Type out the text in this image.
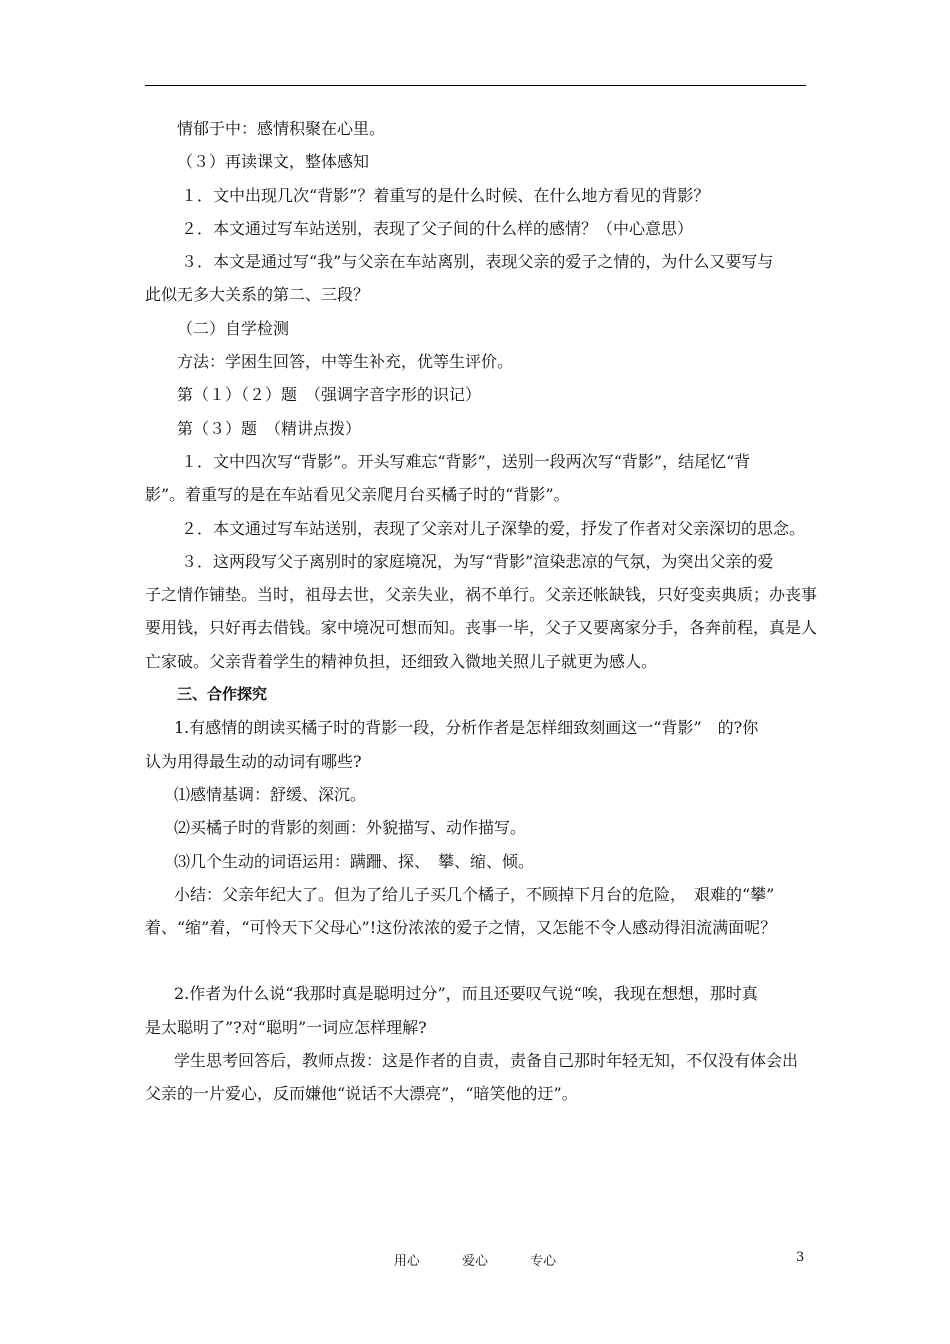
情郁于中：感情积聚在心里。
（３）再读课文，整体感知
１．文中出现几次“背影”？着重写的是什么时候、在什么地方看见的背影？
２．本文通过写车站送别，表现了父子间的什么样的感情？（中心意思）
３．本文是通过写“我”与父亲在车站离别，表现父亲的爱子之情的，为什么又要写与
此似无多大关系的第二、三段？
（二）自学检测
方法：学困生回答，中等生补充，优等生评价。
第（１）（２）题　（强调字音字形的识记）
第（３）题　（精讲点拨）
１．文中四次写“背影”。开头写难忘“背影”，送别一段两次写“背影”，结尾忆“背
影”。着重写的是在车站看见父亲爬月台买橘子时的“背影”。
２．本文通过写车站送别，表现了父亲对儿子深挚的爱，抒发了作者对父亲深切的思念。
３．这两段写父子离别时的家庭境况，为写“背影”渲染悲凉的气氛，为突出父亲的爱
子之情作铺垫。当时，祖母去世，父亲失业，祸不单行。父亲还帐缺钱，只好变卖典质；办丧事
要用钱，只好再去借钱。家中境况可想而知。丧事一毕，父子又要离家分手，各奔前程，真是人
亡家破。父亲背着学生的精神负担，还细致入微地关照儿子就更为感人。
三、合作探究
1.有感情的朗读买橘子时的背影一段，分析作者是怎样细致刻画这一“背影”　的?你
认为用得最生动的动词有哪些?
⑴感情基调：舒缓、深沉。
⑵买橘子时的背影的刻画：外貌描写、动作描写。
⑶几个生动的词语运用：蹒跚、探、　攀、缩、倾。
小结：父亲年纪大了。但为了给儿子买几个橘子，不顾掉下月台的危险，　艰难的“攀”
着、“缩”着，“可怜天下父母心”!这份浓浓的爱子之情，又怎能不令人感动得泪流满面呢？
2.作者为什么说“我那时真是聪明过分”，而且还要叹气说“唉，我现在想想，那时真
是太聪明了”?对“聪明”一词应怎样理解?
学生思考回答后，教师点拨：这是作者的自责，责备自己那时年轻无知，不仅没有体会出
父亲的一片爱心，反而嫌他“说话不大漂亮”，“暗笑他的迂”。
用心	爱心	专心	3
